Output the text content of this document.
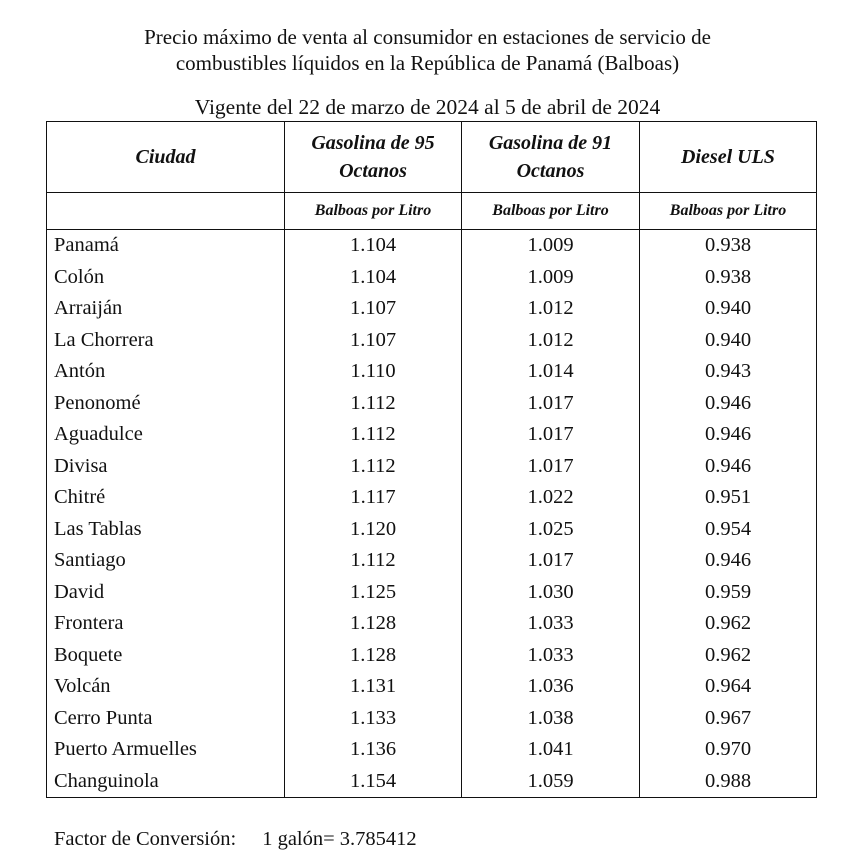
Precio máximo de venta al consumidor en estaciones de servicio de
combustibles líquidos en la República de Panamá (Balboas)
Vigente del 22 de marzo de 2024 al 5 de abril de 2024
Ciudad	Gasolina de 95 Octanos	Gasolina de 91 Octanos	Diesel ULS
	Balboas por Litro	Balboas por Litro	Balboas por Litro
Panamá	1.104	1.009	0.938
Colón	1.104	1.009	0.938
Arraiján	1.107	1.012	0.940
La Chorrera	1.107	1.012	0.940
Antón	1.110	1.014	0.943
Penonomé	1.112	1.017	0.946
Aguadulce	1.112	1.017	0.946
Divisa	1.112	1.017	0.946
Chitré	1.117	1.022	0.951
Las Tablas	1.120	1.025	0.954
Santiago	1.112	1.017	0.946
David	1.125	1.030	0.959
Frontera	1.128	1.033	0.962
Boquete	1.128	1.033	0.962
Volcán	1.131	1.036	0.964
Cerro Punta	1.133	1.038	0.967
Puerto Armuelles	1.136	1.041	0.970
Changuinola	1.154	1.059	0.988
Factor de Conversión: 1 galón= 3.785412
